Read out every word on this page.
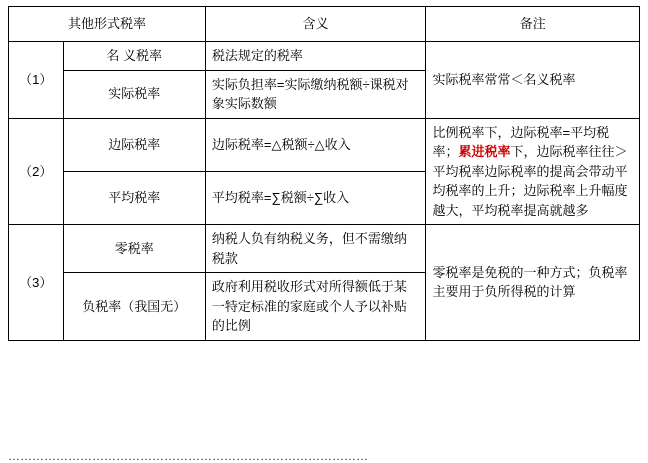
其他形式税率		含义	备注
（1）	名 义税率	税法规定的税率	实际税率常常＜名义税率
	实际税率	实际负担率=实际缴纳税额÷课税对象实际数额	
（2）	边际税率	边际税率=△税额÷△收入	比例税率下，边际税率=平均税率；累进税率下，边际税率往往＞平均税率边际税率的提高会带动平均税率的上升；边际税率上升幅度越大，平均税率提高就越多
	平均税率	平均税率=∑税额÷∑收入	
（3）	零税率	纳税人负有纳税义务，但不需缴纳税款	零税率是免税的一种方式；负税率主要用于负所得税的计算
	负税率（我国无）	政府利用税收形式对所得额低于某一特定标准的家庭或个人予以补贴的比例	
………………………………………………………………………………
